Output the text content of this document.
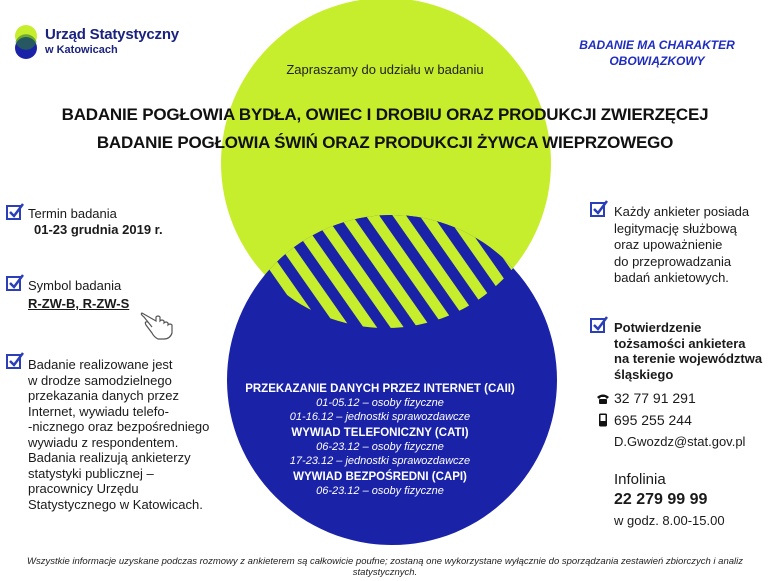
Urząd Statystyczny
w Katowicach	BADANIE MA CHARAKTER
OBOWIĄZKOWY
Zapraszamy do udziału w badaniu
BADANIE POGŁOWIA BYDŁA, OWIEC I DROBIU ORAZ PRODUKCJI ZWIERZĘCEJ
BADANIE POGŁOWIA ŚWIŃ ORAZ PRODUKCJI ŻYWCA WIEPRZOWEGO
Termin badania
01-23 grudnia 2019 r.
Symbol badania
R-ZW-B, R-ZW-S
Badanie realizowane jest
w drodze samodzielnego
przekazania danych przez
Internet, wywiadu telefo-
-nicznego oraz bezpośredniego
wywiadu z respondentem.
Badania realizują ankieterzy
statystyki publicznej –
pracownicy Urzędu
Statystycznego w Katowicach.
PRZEKAZANIE DANYCH PRZEZ INTERNET (CAII)
01-05.12 – osoby fizyczne
01-16.12 – jednostki sprawozdawcze
WYWIAD TELEFONICZNY (CATI)
06-23.12 – osoby fizyczne
17-23.12 – jednostki sprawozdawcze
WYWIAD BEZPOŚREDNI (CAPI)
06-23.12 – osoby fizyczne
Każdy ankieter posiada
legitymację służbową
oraz upoważnienie
do przeprowadzania
badań ankietowych.
Potwierdzenie
tożsamości ankietera
na terenie województwa
śląskiego
32 77 91 291
695 255 244
D.Gwozdz@stat.gov.pl
Infolinia
22 279 99 99
w godz. 8.00-15.00
Wszystkie informacje uzyskane podczas rozmowy z ankieterem są całkowicie poufne; zostaną one wykorzystane wyłącznie do sporządzania zestawień zbiorczych i analiz statystycznych.
